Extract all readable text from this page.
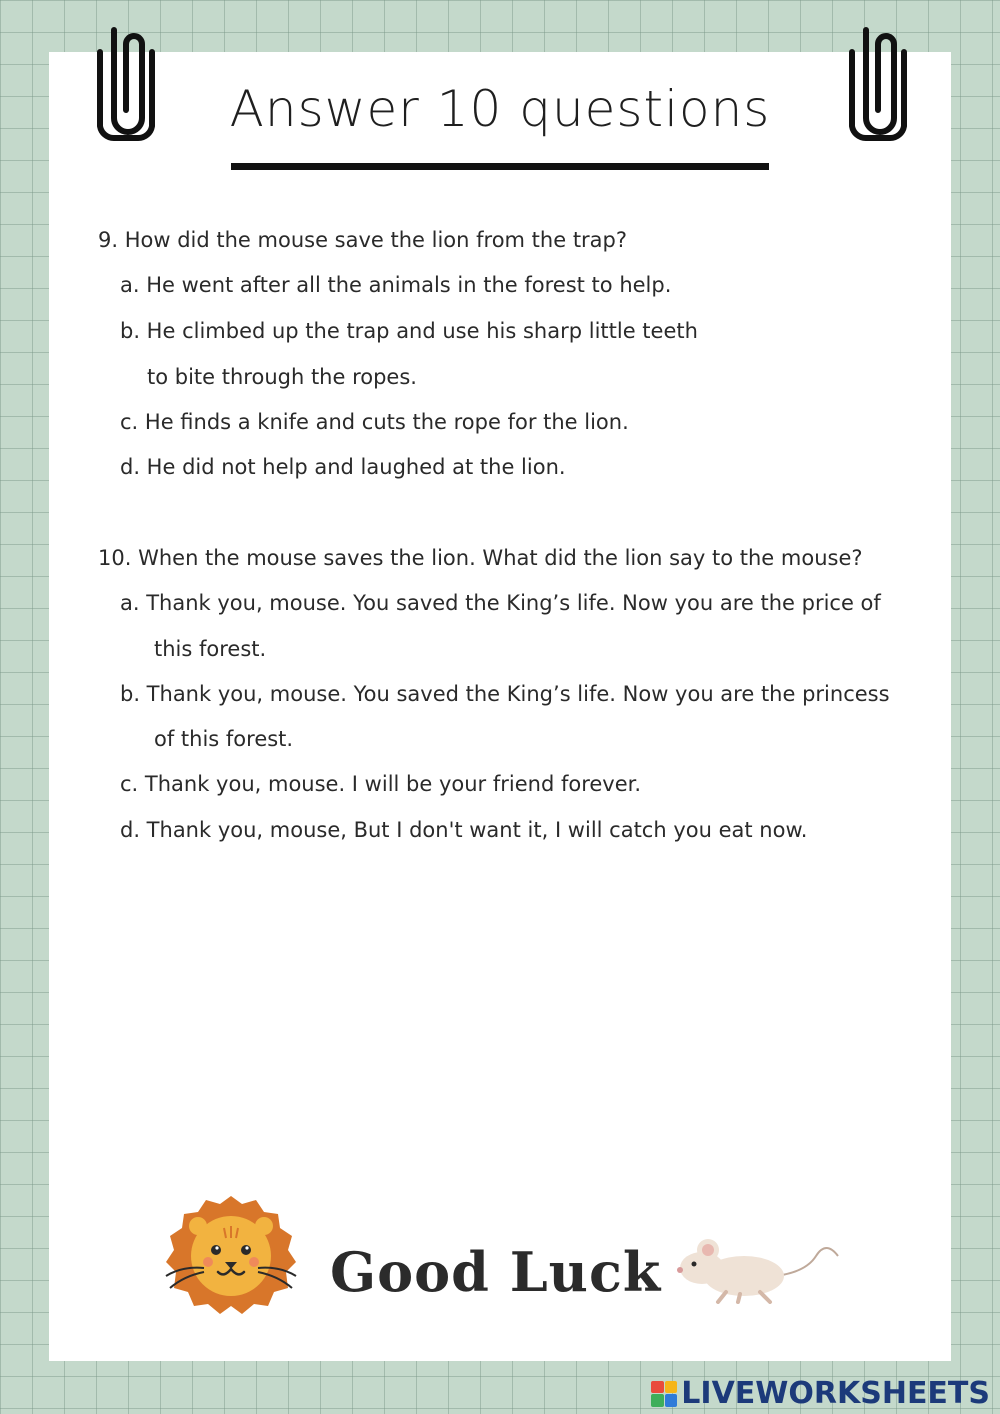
Answer 10 questions

9. How did the mouse save the lion from the trap?

a. He went after all the animals in the forest to help.

b. He climbed up the trap and use his sharp little teeth

to bite through the ropes.

c. He finds a knife and cuts the rope for the lion.

d. He did not help and laughed at the lion.

10. When the mouse saves the lion. What did the lion say to the mouse?

a. Thank you, mouse. You saved the King’s life. Now you are the price of

this forest.

b. Thank you, mouse. You saved the King’s life. Now you are the princess

of this forest.

c. Thank you, mouse. I will be your friend forever.

d. Thank you, mouse, But I don't want it, I will catch you eat now.

Good Luck
LIVEWORKSHEETS
